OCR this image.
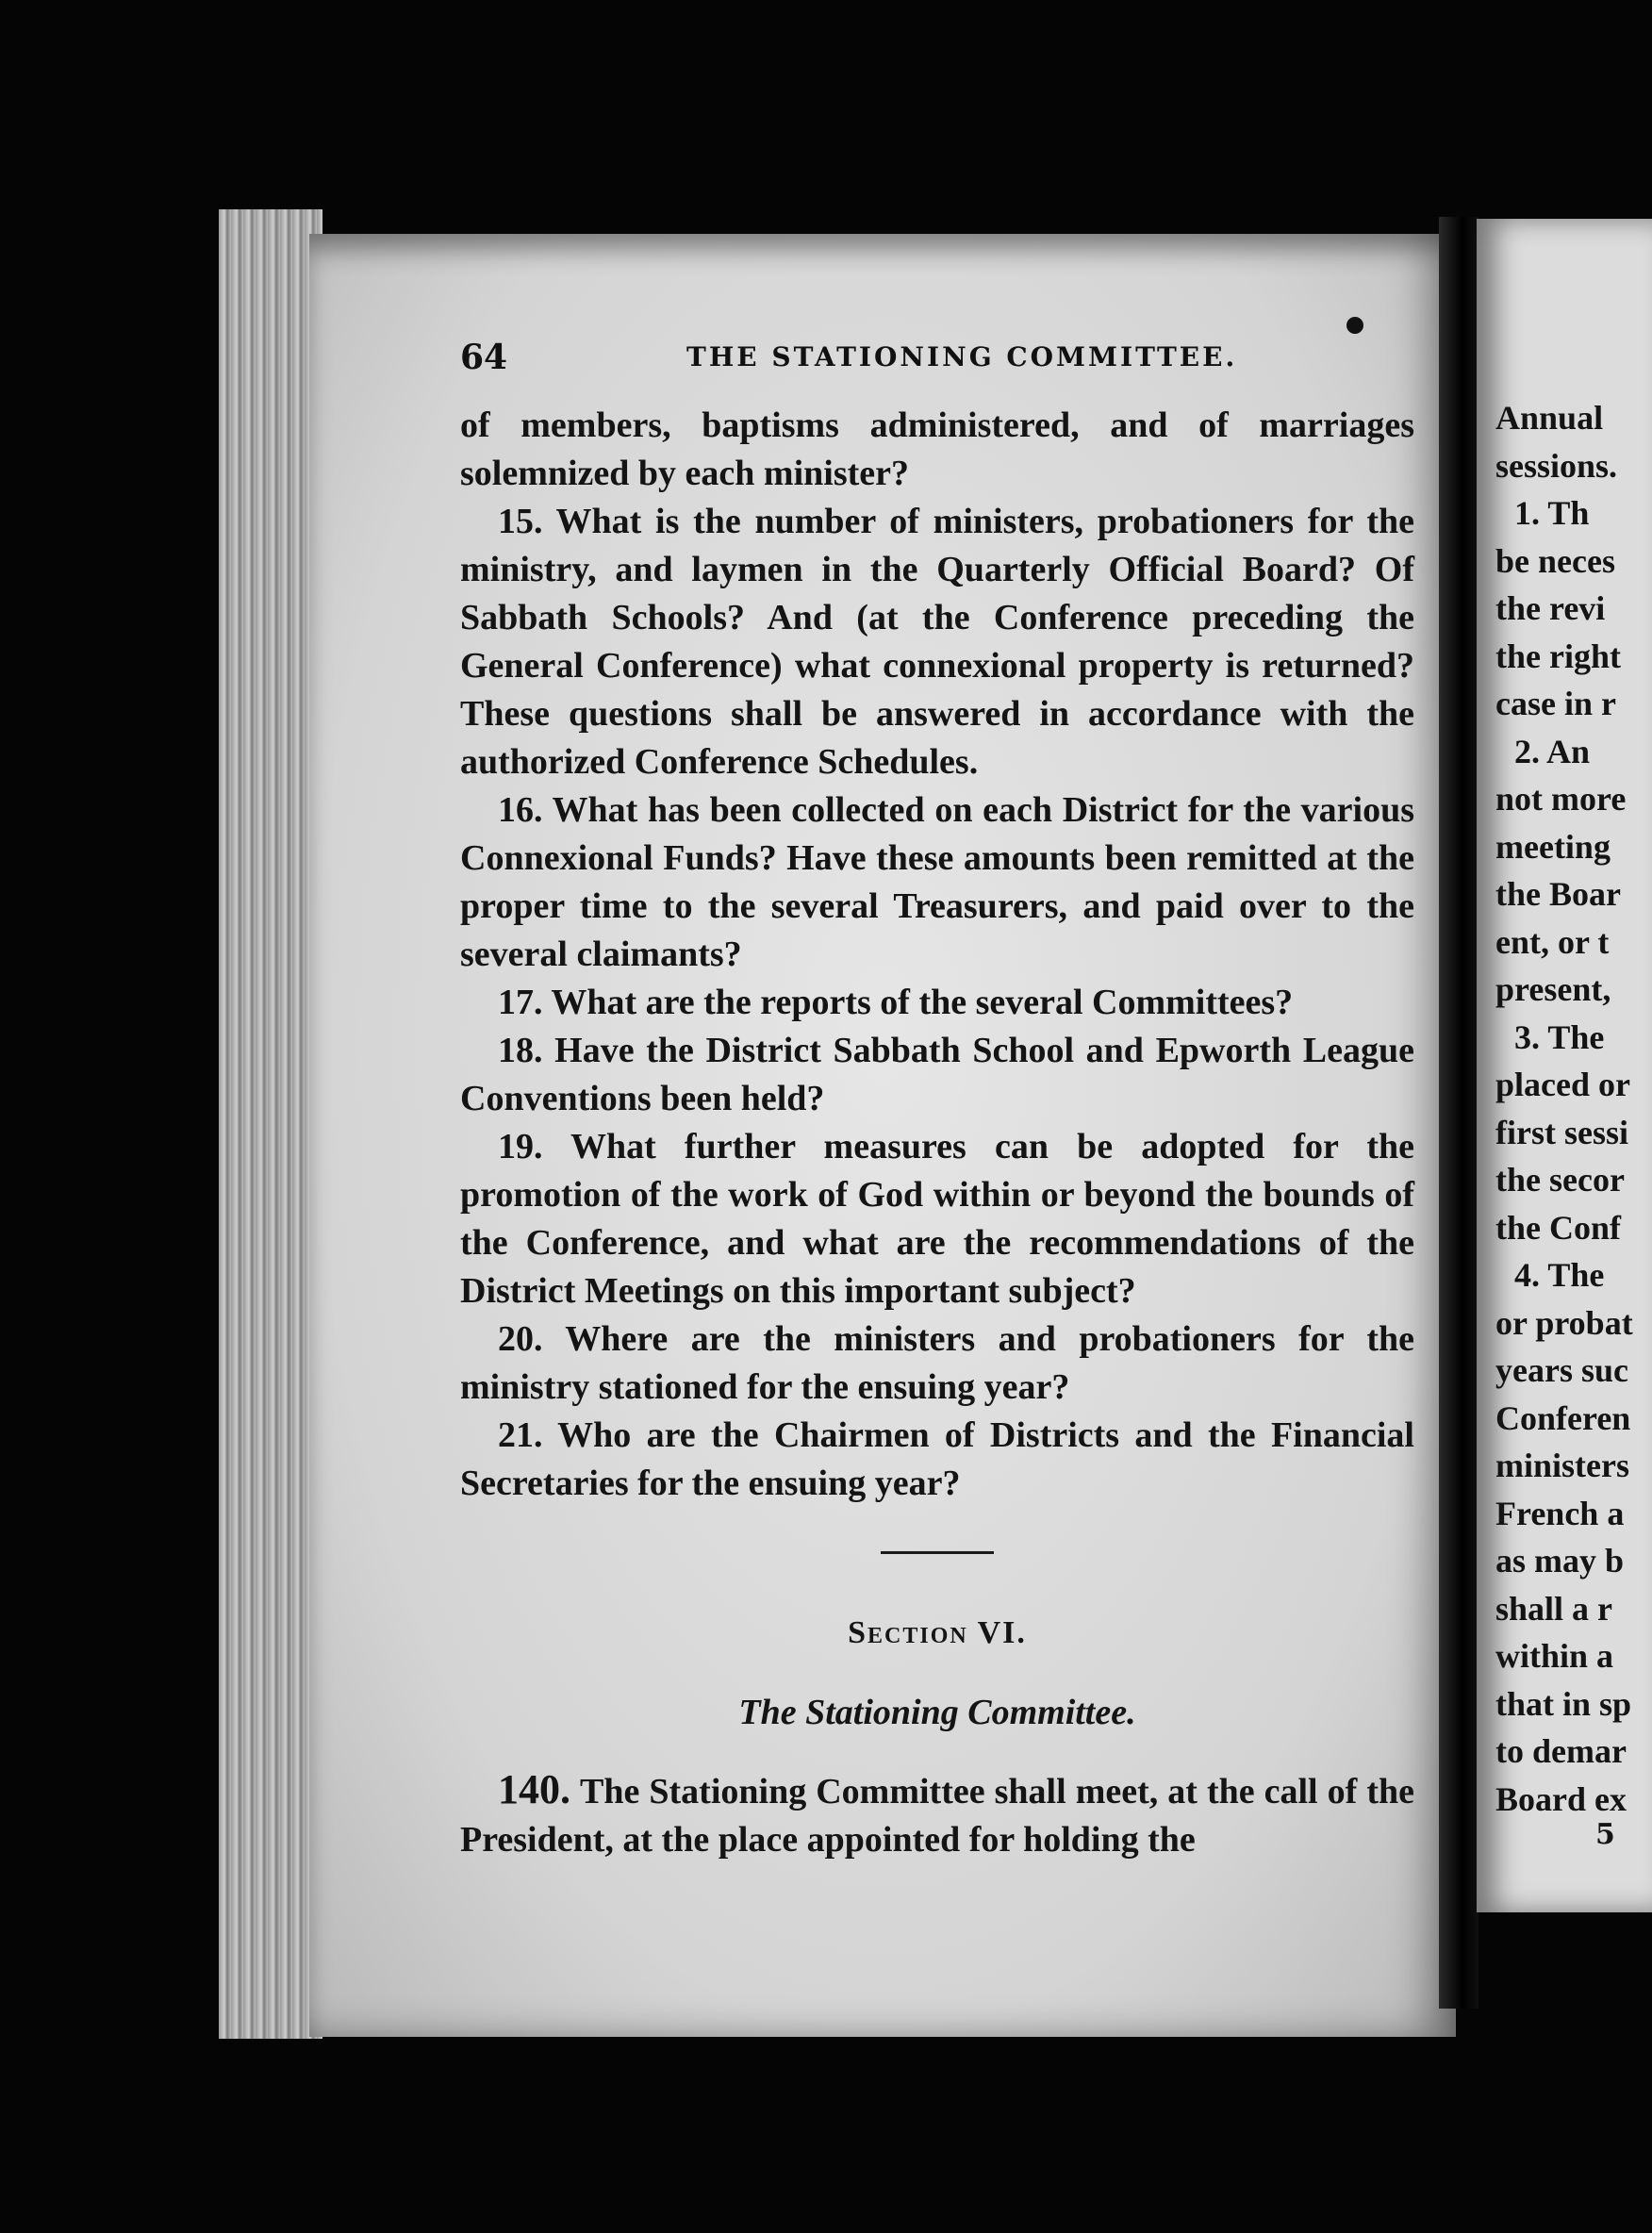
64	THE STATIONING COMMITTEE.

of members, baptisms administered, and of marriages solemnized by each minister?

15. What is the number of ministers, probationers for the ministry, and laymen in the Quarterly Official Board? Of Sabbath Schools? And (at the Conference preceding the General Conference) what connexional property is returned? These questions shall be answered in accordance with the authorized Conference Schedules.

16. What has been collected on each District for the various Connexional Funds? Have these amounts been remitted at the proper time to the several Treasurers, and paid over to the several claimants?

17. What are the reports of the several Committees?

18. Have the District Sabbath School and Epworth League Conventions been held?

19. What further measures can be adopted for the promotion of the work of God within or beyond the bounds of the Conference, and what are the recommendations of the District Meetings on this important subject?

20. Where are the ministers and probationers for the ministry stationed for the ensuing year?

21. Who are the Chairmen of Districts and the Financial Secretaries for the ensuing year?

Section VI.
The Stationing Committee.

140. The Stationing Committee shall meet, at the call of the President, at the place appointed for holding the

Annual
sessions.
1. Th
be neces
the revi
the right
case in r
2. An
not more
meeting
the Boar
ent, or t
present,
3. The
placed or
first sessi
the secor
the Conf
4. The
or probat
years suc
Conferen
ministers
French a
as may b
shall a r
within a
that in sp
to demar
Board ex
5
